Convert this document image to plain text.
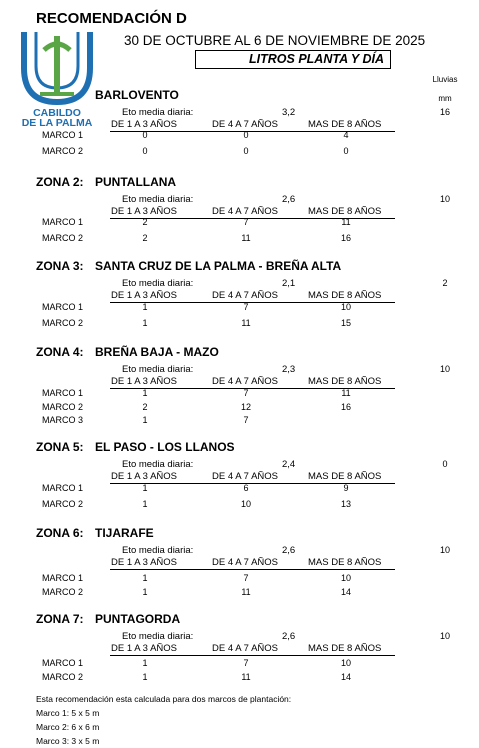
CABILDO
DE LA PALMA
RECOMENDACIÓN D
30 DE OCTUBRE AL 6 DE NOVIEMBRE DE 2025
LITROS PLANTA Y DÍA
Lluvias
mm
BARLOVENTO
Eto media diaria:	3,2	16
DE 1 A 3 AÑOS	DE 4 A 7 AÑOS	MAS DE 8 AÑOS
MARCO 1	0	0	4
MARCO 2	0	0	0
ZONA 2: PUNTALLANA
Eto media diaria:	2,6	10
DE 1 A 3 AÑOS	DE 4 A 7 AÑOS	MAS DE 8 AÑOS
MARCO 1	2	7	11
MARCO 2	2	11	16
ZONA 3: SANTA CRUZ DE LA PALMA - BREÑA ALTA
Eto media diaria:	2,1	2
DE 1 A 3 AÑOS	DE 4 A 7 AÑOS	MAS DE 8 AÑOS
MARCO 1	1	7	10
MARCO 2	1	11	15
ZONA 4: BREÑA BAJA - MAZO
Eto media diaria:	2,3	10
DE 1 A 3 AÑOS	DE 4 A 7 AÑOS	MAS DE 8 AÑOS
MARCO 1	1	7	11
MARCO 2	2	12	16
MARCO 3	1	7
ZONA 5: EL PASO - LOS LLANOS
Eto media diaria:	2,4	0
DE 1 A 3 AÑOS	DE 4 A 7 AÑOS	MAS DE 8 AÑOS
MARCO 1	1	6	9
MARCO 2	1	10	13
ZONA 6: TIJARAFE
Eto media diaria:	2,6	10
DE 1 A 3 AÑOS	DE 4 A 7 AÑOS	MAS DE 8 AÑOS
MARCO 1	1	7	10
MARCO 2	1	11	14
ZONA 7: PUNTAGORDA
Eto media diaria:	2,6	10
DE 1 A 3 AÑOS	DE 4 A 7 AÑOS	MAS DE 8 AÑOS
MARCO 1	1	7	10
MARCO 2	1	11	14
Esta recomendación esta calculada para dos marcos de plantación:
Marco 1: 5 x 5 m
Marco 2: 6 x 6 m
Marco 3: 3 x 5 m
